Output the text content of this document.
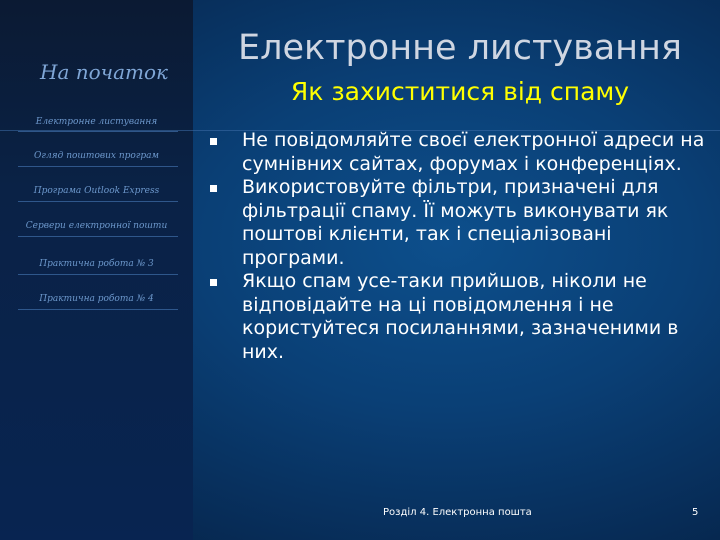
На початок
Електронне листування
Огляд поштових програм
Програма Outlook Express
Сервери електронної пошти
Практична робота № 3
Практична робота № 4
Електронне листування
Як захиститися від спаму
Не повідомляйте своєї електронної адреси на сумнівних сайтах, форумах і конференціях.
Використовуйте фільтри, призначені для фільтрації спаму. Її можуть виконувати як поштові клієнти, так і спеціалізовані програми.
Якщо спам усе-таки прийшов, ніколи не відповідайте на ці повідомлення і не користуйтеся посиланнями, зазначеними в них.
Розділ 4. Електронна пошта	5
